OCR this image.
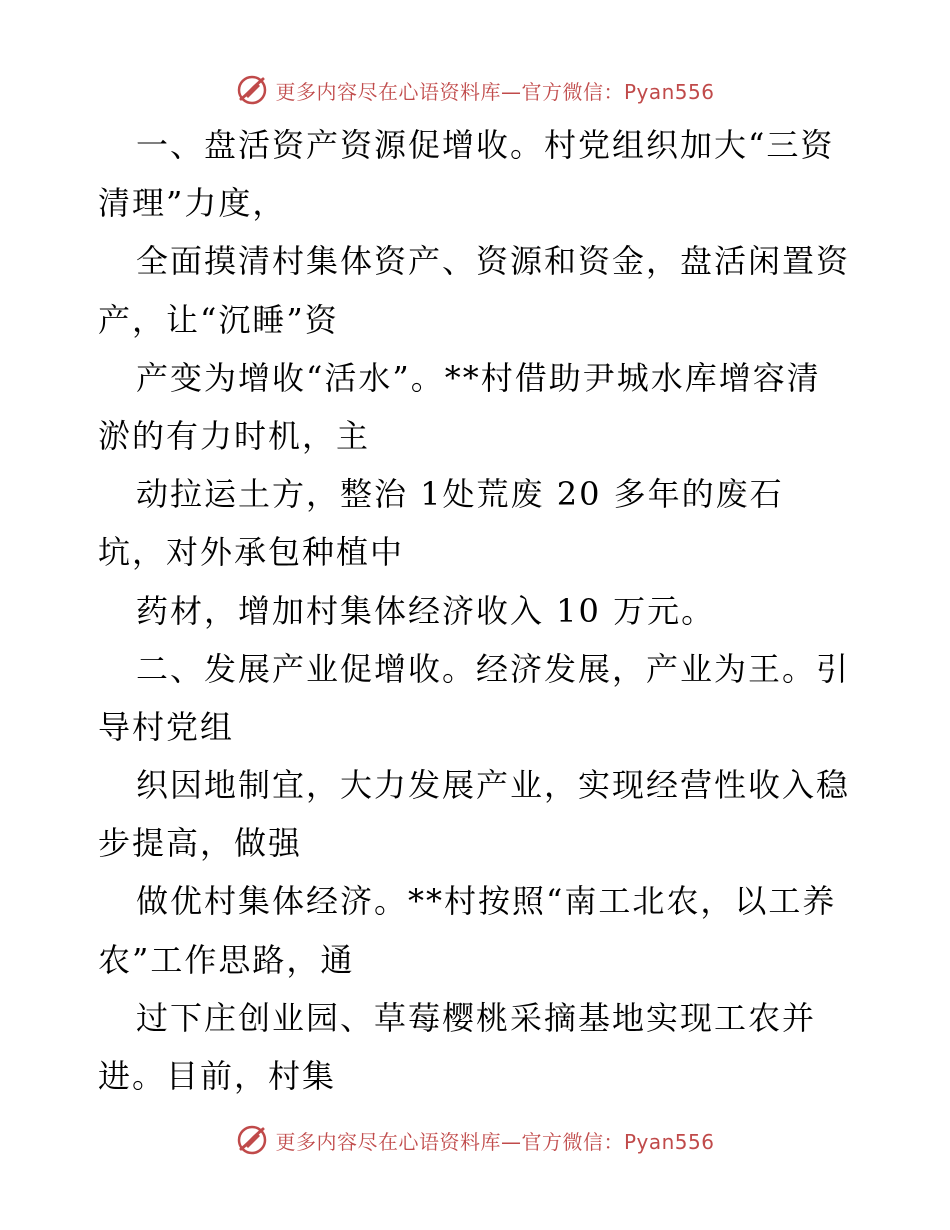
更多内容尽在心语资料库—官方微信：Pyan556
一、盘活资产资源促增收。村党组织加大“三资
清理”力度，
全面摸清村集体资产、资源和资金，盘活闲置资
产，让“沉睡”资
产变为增收“活水”。**村借助尹城水库增容清
淤的有力时机，主
动拉运土方，整治 1处荒废 20 多年的废石
坑，对外承包种植中
药材，增加村集体经济收入 10 万元。
二、发展产业促增收。经济发展，产业为王。引
导村党组
织因地制宜，大力发展产业，实现经营性收入稳
步提高，做强
做优村集体经济。**村按照“南工北农，以工养
农”工作思路，通
过下庄创业园、草莓樱桃采摘基地实现工农并
进。目前，村集
更多内容尽在心语资料库—官方微信：Pyan556
